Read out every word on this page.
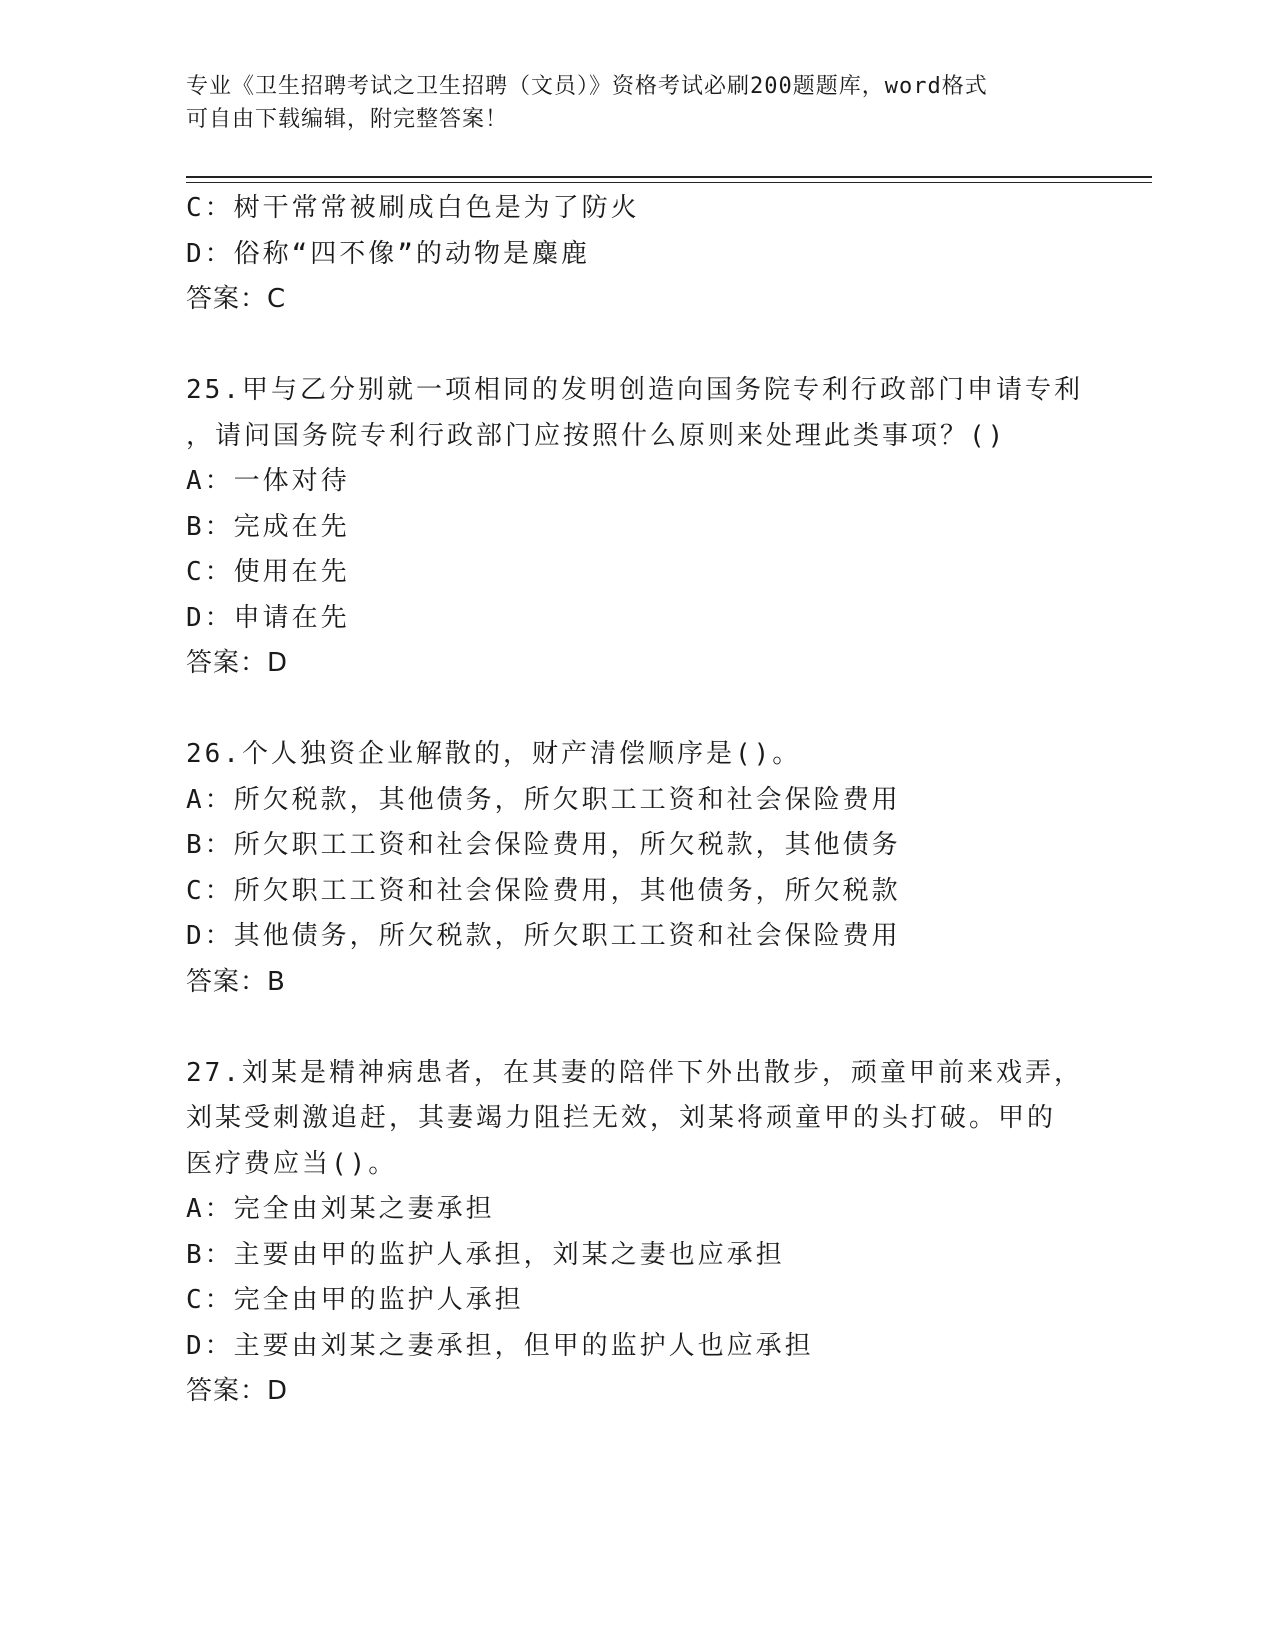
专业《卫生招聘考试之卫生招聘（文员）》资格考试必刷200题题库，word格式
可自由下载编辑，附完整答案！
C：树干常常被刷成白色是为了防火
D：俗称“四不像”的动物是麋鹿
答案：C
25.甲与乙分别就一项相同的发明创造向国务院专利行政部门申请专利
，请问国务院专利行政部门应按照什么原则来处理此类事项？()
A：一体对待
B：完成在先
C：使用在先
D：申请在先
答案：D
26.个人独资企业解散的，财产清偿顺序是()。
A：所欠税款，其他债务，所欠职工工资和社会保险费用
B：所欠职工工资和社会保险费用，所欠税款，其他债务
C：所欠职工工资和社会保险费用，其他债务，所欠税款
D：其他债务，所欠税款，所欠职工工资和社会保险费用
答案：B
27.刘某是精神病患者，在其妻的陪伴下外出散步，顽童甲前来戏弄，
刘某受刺激追赶，其妻竭力阻拦无效，刘某将顽童甲的头打破。甲的
医疗费应当()。
A：完全由刘某之妻承担
B：主要由甲的监护人承担，刘某之妻也应承担
C：完全由甲的监护人承担
D：主要由刘某之妻承担，但甲的监护人也应承担
答案：D
